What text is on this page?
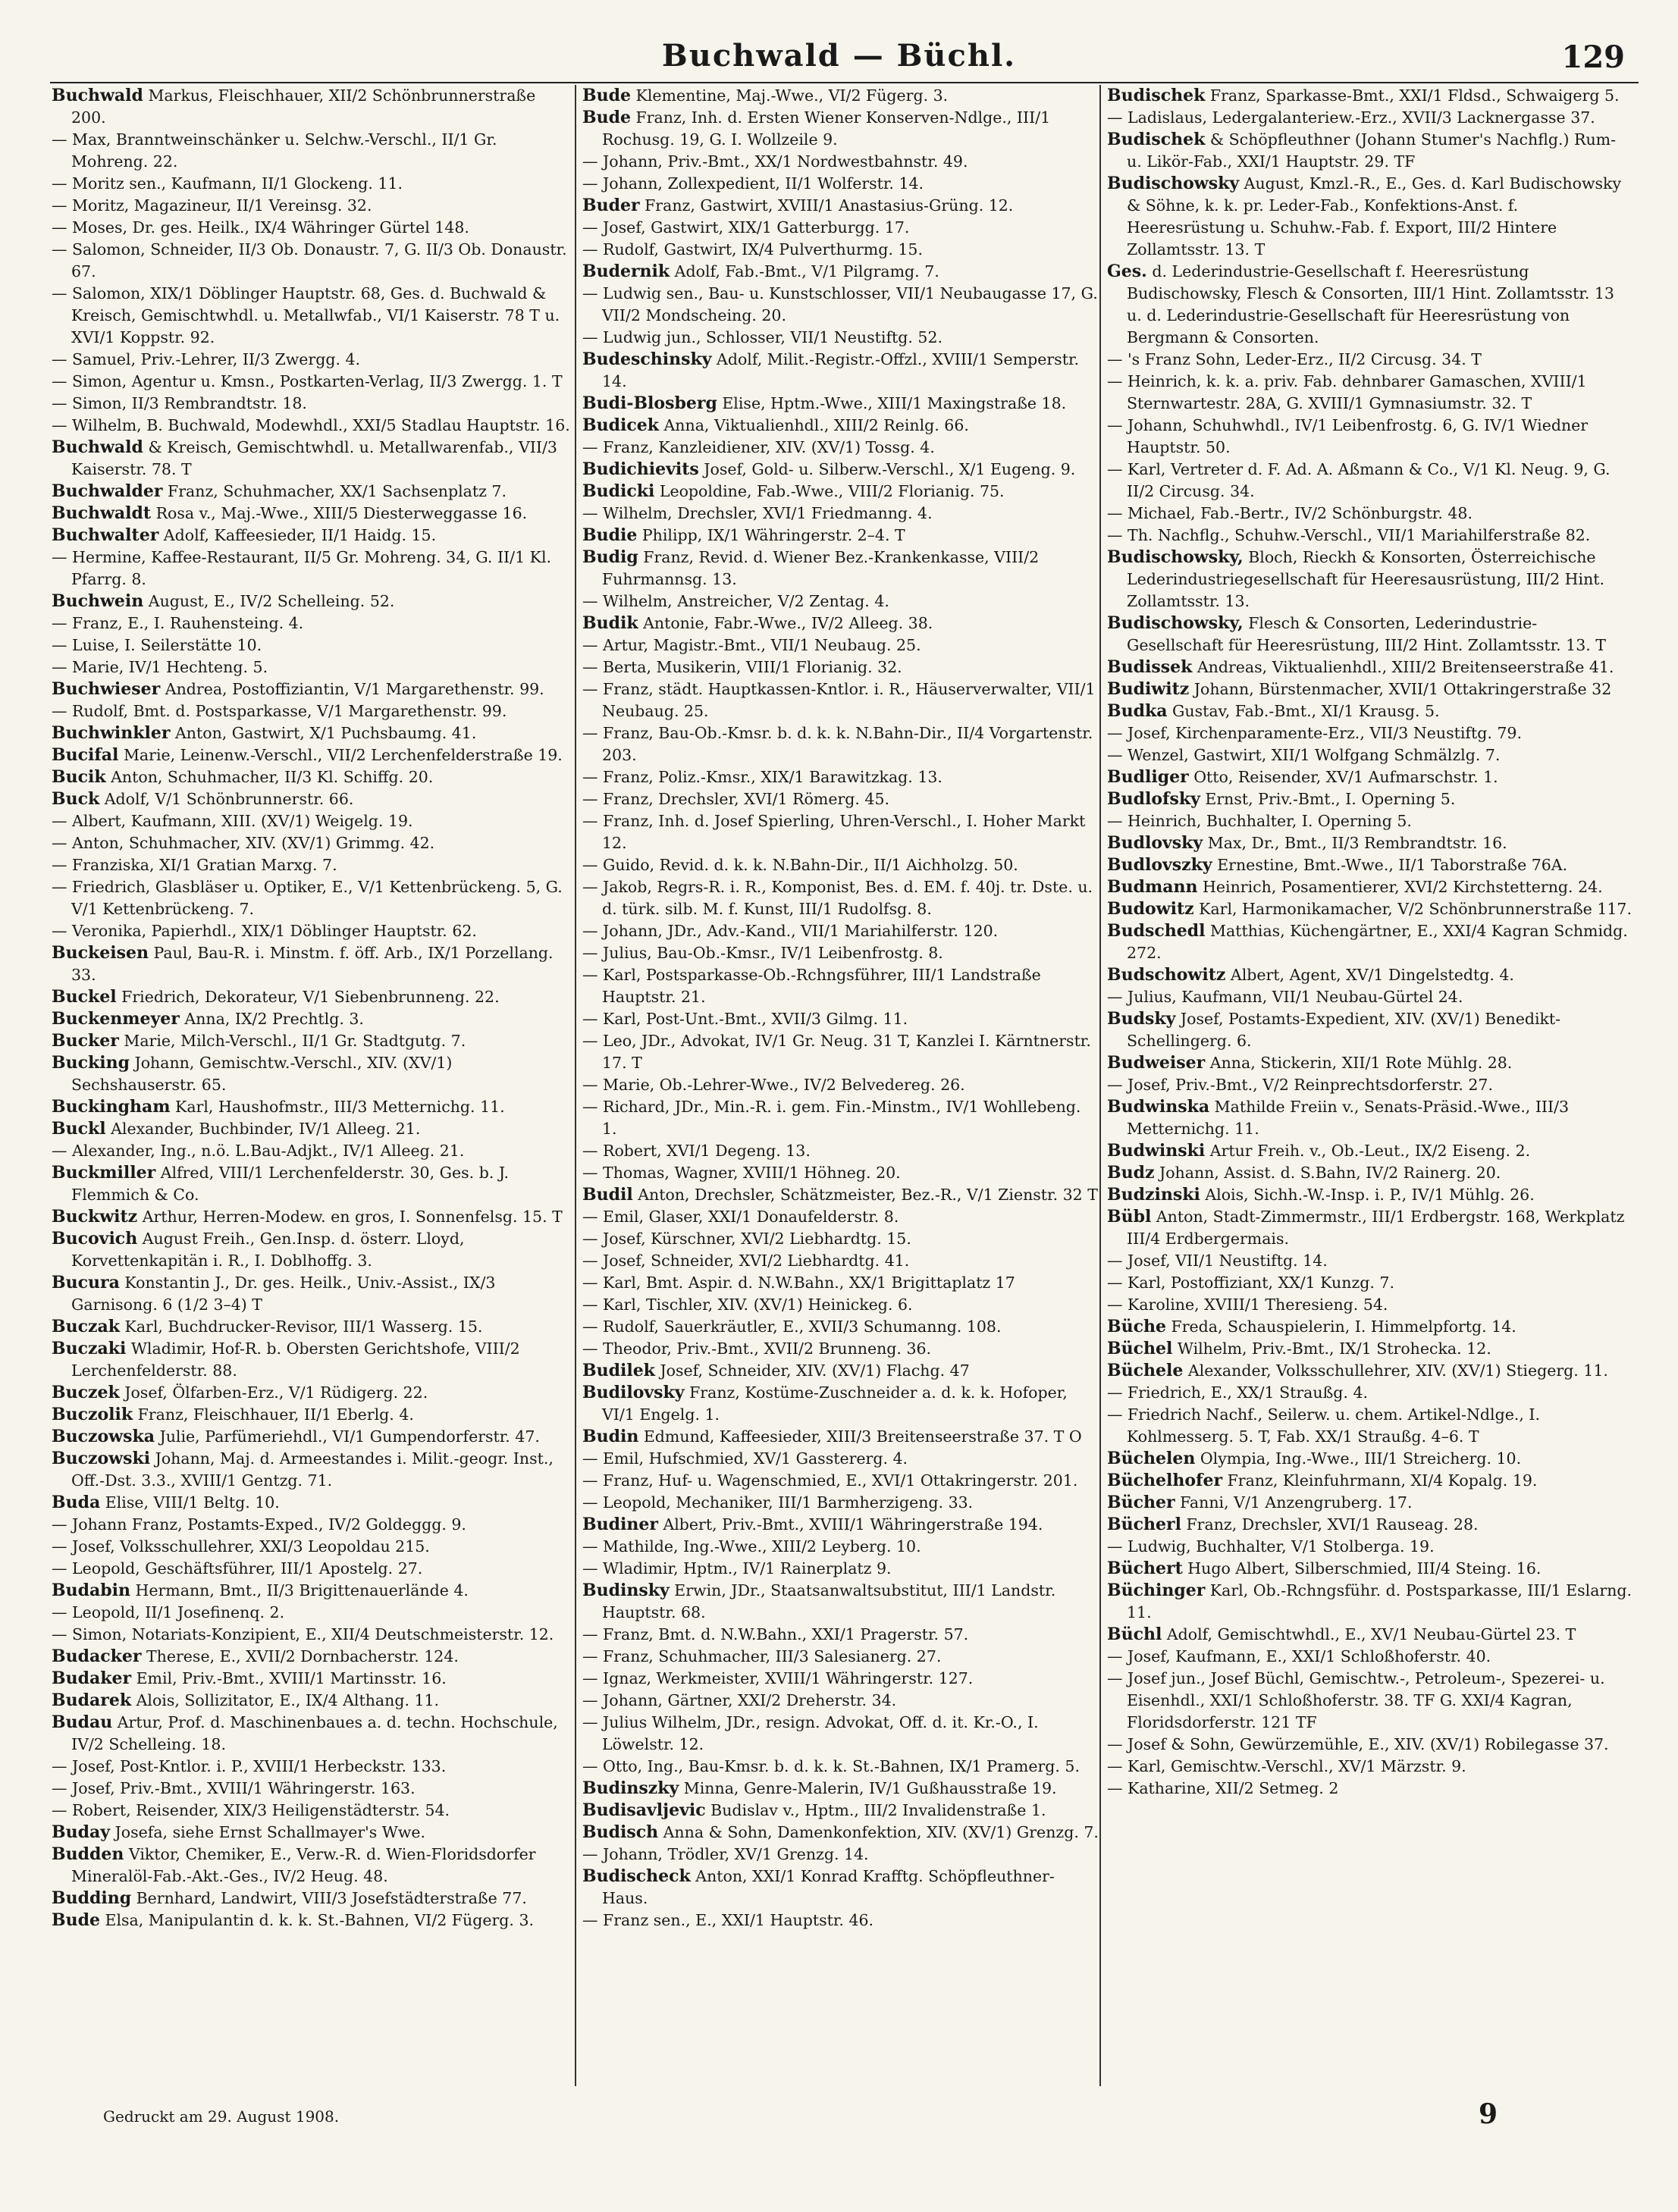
Buchwald — Büchl.	129

Buchwald Markus, Fleischhauer, XII/2 Schönbrunnerstraße 200.

— Max, Branntweinschänker u. Selchw.-Verschl., II/1 Gr. Mohreng. 22.

— Moritz sen., Kaufmann, II/1 Glockeng. 11.

— Moritz, Magazineur, II/1 Vereinsg. 32.

— Moses, Dr. ges. Heilk., IX/4 Währinger Gürtel 148.

— Salomon, Schneider, II/3 Ob. Donaustr. 7, G. II/3 Ob. Donaustr. 67.

— Salomon, XIX/1 Döblinger Hauptstr. 68, Ges. d. Buchwald & Kreisch, Gemischtwhdl. u. Metallwfab., VI/1 Kaiserstr. 78 T u. XVI/1 Koppstr. 92.

— Samuel, Priv.-Lehrer, II/3 Zwergg. 4.

— Simon, Agentur u. Kmsn., Postkarten-Verlag, II/3 Zwergg. 1. T

— Simon, II/3 Rembrandtstr. 18.

— Wilhelm, B. Buchwald, Modewhdl., XXI/5 Stadlau Hauptstr. 16.

Buchwald & Kreisch, Gemischtwhdl. u. Metallwarenfab., VII/3 Kaiserstr. 78. T

Buchwalder Franz, Schuhmacher, XX/1 Sachsenplatz 7.

Buchwaldt Rosa v., Maj.-Wwe., XIII/5 Diesterweggasse 16.

Buchwalter Adolf, Kaffeesieder, II/1 Haidg. 15.

— Hermine, Kaffee-Restaurant, II/5 Gr. Mohreng. 34, G. II/1 Kl. Pfarrg. 8.

Buchwein August, E., IV/2 Schelleing. 52.

— Franz, E., I. Rauhensteing. 4.

— Luise, I. Seilerstätte 10.

— Marie, IV/1 Hechteng. 5.

Buchwieser Andrea, Postoffiziantin, V/1 Margarethenstr. 99.

— Rudolf, Bmt. d. Postsparkasse, V/1 Margarethenstr. 99.

Buchwinkler Anton, Gastwirt, X/1 Puchsbaumg. 41.

Bucifal Marie, Leinenw.-Verschl., VII/2 Lerchenfelderstraße 19.

Bucik Anton, Schuhmacher, II/3 Kl. Schiffg. 20.

Buck Adolf, V/1 Schönbrunnerstr. 66.

— Albert, Kaufmann, XIII. (XV/1) Weigelg. 19.

— Anton, Schuhmacher, XIV. (XV/1) Grimmg. 42.

— Franziska, XI/1 Gratian Marxg. 7.

— Friedrich, Glasbläser u. Optiker, E., V/1 Kettenbrückeng. 5, G. V/1 Kettenbrückeng. 7.

— Veronika, Papierhdl., XIX/1 Döblinger Hauptstr. 62.

Buckeisen Paul, Bau-R. i. Minstm. f. öff. Arb., IX/1 Porzellang. 33.

Buckel Friedrich, Dekorateur, V/1 Siebenbrunneng. 22.

Buckenmeyer Anna, IX/2 Prechtlg. 3.

Bucker Marie, Milch-Verschl., II/1 Gr. Stadtgutg. 7.

Bucking Johann, Gemischtw.-Verschl., XIV. (XV/1) Sechshauserstr. 65.

Buckingham Karl, Haushofmstr., III/3 Metternichg. 11.

Buckl Alexander, Buchbinder, IV/1 Alleeg. 21.

— Alexander, Ing., n.ö. L.Bau-Adjkt., IV/1 Alleeg. 21.

Buckmiller Alfred, VIII/1 Lerchenfelderstr. 30, Ges. b. J. Flemmich & Co.

Buckwitz Arthur, Herren-Modew. en gros, I. Sonnenfelsg. 15. T

Bucovich August Freih., Gen.Insp. d. österr. Lloyd, Korvettenkapitän i. R., I. Doblhoffg. 3.

Bucura Konstantin J., Dr. ges. Heilk., Univ.-Assist., IX/3 Garnisong. 6 (1/2 3–4) T

Buczak Karl, Buchdrucker-Revisor, III/1 Wasserg. 15.

Buczaki Wladimir, Hof-R. b. Obersten Gerichtshofe, VIII/2 Lerchenfelderstr. 88.

Buczek Josef, Ölfarben-Erz., V/1 Rüdigerg. 22.

Buczolik Franz, Fleischhauer, II/1 Eberlg. 4.

Buczowska Julie, Parfümeriehdl., VI/1 Gumpendorferstr. 47.

Buczowski Johann, Maj. d. Armeestandes i. Milit.-geogr. Inst., Off.-Dst. 3.3., XVIII/1 Gentzg. 71.

Buda Elise, VIII/1 Beltg. 10.

— Johann Franz, Postamts-Exped., IV/2 Goldeggg. 9.

— Josef, Volksschullehrer, XXI/3 Leopoldau 215.

— Leopold, Geschäftsführer, III/1 Apostelg. 27.

Budabin Hermann, Bmt., II/3 Brigittenauerlände 4.

— Leopold, II/1 Josefinenq. 2.

— Simon, Notariats-Konzipient, E., XII/4 Deutschmeisterstr. 12.

Budacker Therese, E., XVII/2 Dornbacherstr. 124.

Budaker Emil, Priv.-Bmt., XVIII/1 Martinsstr. 16.

Budarek Alois, Sollizitator, E., IX/4 Althang. 11.

Budau Artur, Prof. d. Maschinenbaues a. d. techn. Hochschule, IV/2 Schelleing. 18.

— Josef, Post-Kntlor. i. P., XVIII/1 Herbeckstr. 133.

— Josef, Priv.-Bmt., XVIII/1 Währingerstr. 163.

— Robert, Reisender, XIX/3 Heiligenstädterstr. 54.

Buday Josefa, siehe Ernst Schallmayer's Wwe.

Budden Viktor, Chemiker, E., Verw.-R. d. Wien-Floridsdorfer Mineralöl-Fab.-Akt.-Ges., IV/2 Heug. 48.

Budding Bernhard, Landwirt, VIII/3 Josefstädterstraße 77.

Bude Elsa, Manipulantin d. k. k. St.-Bahnen, VI/2 Fügerg. 3.

Bude Klementine, Maj.-Wwe., VI/2 Fügerg. 3.

Bude Franz, Inh. d. Ersten Wiener Konserven-Ndlge., III/1 Rochusg. 19, G. I. Wollzeile 9.

— Johann, Priv.-Bmt., XX/1 Nordwestbahnstr. 49.

— Johann, Zollexpedient, II/1 Wolferstr. 14.

Buder Franz, Gastwirt, XVIII/1 Anastasius-Grüng. 12.

— Josef, Gastwirt, XIX/1 Gatterburgg. 17.

— Rudolf, Gastwirt, IX/4 Pulverthurmg. 15.

Budernik Adolf, Fab.-Bmt., V/1 Pilgramg. 7.

— Ludwig sen., Bau- u. Kunstschlosser, VII/1 Neubaugasse 17, G. VII/2 Mondscheing. 20.

— Ludwig jun., Schlosser, VII/1 Neustiftg. 52.

Budeschinsky Adolf, Milit.-Registr.-Offzl., XVIII/1 Semperstr. 14.

Budi-Blosberg Elise, Hptm.-Wwe., XIII/1 Maxingstraße 18.

Budicek Anna, Viktualienhdl., XIII/2 Reinlg. 66.

— Franz, Kanzleidiener, XIV. (XV/1) Tossg. 4.

Budichievits Josef, Gold- u. Silberw.-Verschl., X/1 Eugeng. 9.

Budicki Leopoldine, Fab.-Wwe., VIII/2 Florianig. 75.

— Wilhelm, Drechsler, XVI/1 Friedmanng. 4.

Budie Philipp, IX/1 Währingerstr. 2–4. T

Budig Franz, Revid. d. Wiener Bez.-Krankenkasse, VIII/2 Fuhrmannsg. 13.

— Wilhelm, Anstreicher, V/2 Zentag. 4.

Budik Antonie, Fabr.-Wwe., IV/2 Alleeg. 38.

— Artur, Magistr.-Bmt., VII/1 Neubaug. 25.

— Berta, Musikerin, VIII/1 Florianig. 32.

— Franz, städt. Hauptkassen-Kntlor. i. R., Häuserverwalter, VII/1 Neubaug. 25.

— Franz, Bau-Ob.-Kmsr. b. d. k. k. N.Bahn-Dir., II/4 Vorgartenstr. 203.

— Franz, Poliz.-Kmsr., XIX/1 Barawitzkag. 13.

— Franz, Drechsler, XVI/1 Römerg. 45.

— Franz, Inh. d. Josef Spierling, Uhren-Verschl., I. Hoher Markt 12.

— Guido, Revid. d. k. k. N.Bahn-Dir., II/1 Aichholzg. 50.

— Jakob, Regrs-R. i. R., Komponist, Bes. d. EM. f. 40j. tr. Dste. u. d. türk. silb. M. f. Kunst, III/1 Rudolfsg. 8.

— Johann, JDr., Adv.-Kand., VII/1 Mariahilferstr. 120.

— Julius, Bau-Ob.-Kmsr., IV/1 Leibenfrostg. 8.

— Karl, Postsparkasse-Ob.-Rchngsführer, III/1 Landstraße Hauptstr. 21.

— Karl, Post-Unt.-Bmt., XVII/3 Gilmg. 11.

— Leo, JDr., Advokat, IV/1 Gr. Neug. 31 T, Kanzlei I. Kärntnerstr. 17. T

— Marie, Ob.-Lehrer-Wwe., IV/2 Belvedereg. 26.

— Richard, JDr., Min.-R. i. gem. Fin.-Minstm., IV/1 Wohllebeng. 1.

— Robert, XVI/1 Degeng. 13.

— Thomas, Wagner, XVIII/1 Höhneg. 20.

Budil Anton, Drechsler, Schätzmeister, Bez.-R., V/1 Zienstr. 32 T

— Emil, Glaser, XXI/1 Donaufelderstr. 8.

— Josef, Kürschner, XVI/2 Liebhardtg. 15.

— Josef, Schneider, XVI/2 Liebhardtg. 41.

— Karl, Bmt. Aspir. d. N.W.Bahn., XX/1 Brigittaplatz 17

— Karl, Tischler, XIV. (XV/1) Heinickeg. 6.

— Rudolf, Sauerkräutler, E., XVII/3 Schumanng. 108.

— Theodor, Priv.-Bmt., XVII/2 Brunneng. 36.

Budilek Josef, Schneider, XIV. (XV/1) Flachg. 47

Budilovsky Franz, Kostüme-Zuschneider a. d. k. k. Hofoper, VI/1 Engelg. 1.

Budin Edmund, Kaffeesieder, XIII/3 Breitenseerstraße 37. T O

— Emil, Hufschmied, XV/1 Gasstererg. 4.

— Franz, Huf- u. Wagenschmied, E., XVI/1 Ottakringerstr. 201.

— Leopold, Mechaniker, III/1 Barmherzigeng. 33.

Budiner Albert, Priv.-Bmt., XVIII/1 Währingerstraße 194.

— Mathilde, Ing.-Wwe., XIII/2 Leyberg. 10.

— Wladimir, Hptm., IV/1 Rainerplatz 9.

Budinsky Erwin, JDr., Staatsanwaltsubstitut, III/1 Landstr. Hauptstr. 68.

— Franz, Bmt. d. N.W.Bahn., XXI/1 Pragerstr. 57.

— Franz, Schuhmacher, III/3 Salesianerg. 27.

— Ignaz, Werkmeister, XVIII/1 Währingerstr. 127.

— Johann, Gärtner, XXI/2 Dreherstr. 34.

— Julius Wilhelm, JDr., resign. Advokat, Off. d. it. Kr.-O., I. Löwelstr. 12.

— Otto, Ing., Bau-Kmsr. b. d. k. k. St.-Bahnen, IX/1 Pramerg. 5.

Budinszky Minna, Genre-Malerin, IV/1 Gußhausstraße 19.

Budisavljevic Budislav v., Hptm., III/2 Invalidenstraße 1.

Budisch Anna & Sohn, Damenkonfektion, XIV. (XV/1) Grenzg. 7.

— Johann, Trödler, XV/1 Grenzg. 14.

Budischeck Anton, XXI/1 Konrad Krafftg. Schöpfleuthner-Haus.

— Franz sen., E., XXI/1 Hauptstr. 46.

Budischek Franz, Sparkasse-Bmt., XXI/1 Fldsd., Schwaigerg 5.

— Ladislaus, Ledergalanteriew.-Erz., XVII/3 Lacknergasse 37.

Budischek & Schöpfleuthner (Johann Stumer's Nachflg.) Rum- u. Likör-Fab., XXI/1 Hauptstr. 29. TF

Budischowsky August, Kmzl.-R., E., Ges. d. Karl Budischowsky & Söhne, k. k. pr. Leder-Fab., Konfektions-Anst. f. Heeresrüstung u. Schuhw.-Fab. f. Export, III/2 Hintere Zollamtsstr. 13. T

Ges. d. Lederindustrie-Gesellschaft f. Heeresrüstung Budischowsky, Flesch & Consorten, III/1 Hint. Zollamtsstr. 13 u. d. Lederindustrie-Gesellschaft für Heeresrüstung von Bergmann & Consorten.

— 's Franz Sohn, Leder-Erz., II/2 Circusg. 34. T

— Heinrich, k. k. a. priv. Fab. dehnbarer Gamaschen, XVIII/1 Sternwartestr. 28A, G. XVIII/1 Gymnasiumstr. 32. T

— Johann, Schuhwhdl., IV/1 Leibenfrostg. 6, G. IV/1 Wiedner Hauptstr. 50.

— Karl, Vertreter d. F. Ad. A. Aßmann & Co., V/1 Kl. Neug. 9, G. II/2 Circusg. 34.

— Michael, Fab.-Bertr., IV/2 Schönburgstr. 48.

— Th. Nachflg., Schuhw.-Verschl., VII/1 Mariahilferstraße 82.

Budischowsky, Bloch, Rieckh & Konsorten, Österreichische Lederindustriegesellschaft für Heeresausrüstung, III/2 Hint. Zollamtsstr. 13.

Budischowsky, Flesch & Consorten, Lederindustrie-Gesellschaft für Heeresrüstung, III/2 Hint. Zollamtsstr. 13. T

Budissek Andreas, Viktualienhdl., XIII/2 Breitenseerstraße 41.

Budiwitz Johann, Bürstenmacher, XVII/1 Ottakringerstraße 32

Budka Gustav, Fab.-Bmt., XI/1 Krausg. 5.

— Josef, Kirchenparamente-Erz., VII/3 Neustiftg. 79.

— Wenzel, Gastwirt, XII/1 Wolfgang Schmälzlg. 7.

Budliger Otto, Reisender, XV/1 Aufmarschstr. 1.

Budlofsky Ernst, Priv.-Bmt., I. Operning 5.

— Heinrich, Buchhalter, I. Operning 5.

Budlovsky Max, Dr., Bmt., II/3 Rembrandtstr. 16.

Budlovszky Ernestine, Bmt.-Wwe., II/1 Taborstraße 76A.

Budmann Heinrich, Posamentierer, XVI/2 Kirchstetterng. 24.

Budowitz Karl, Harmonikamacher, V/2 Schönbrunnerstraße 117.

Budschedl Matthias, Küchengärtner, E., XXI/4 Kagran Schmidg. 272.

Budschowitz Albert, Agent, XV/1 Dingelstedtg. 4.

— Julius, Kaufmann, VII/1 Neubau-Gürtel 24.

Budsky Josef, Postamts-Expedient, XIV. (XV/1) Benedikt-Schellingerg. 6.

Budweiser Anna, Stickerin, XII/1 Rote Mühlg. 28.

— Josef, Priv.-Bmt., V/2 Reinprechtsdorferstr. 27.

Budwinska Mathilde Freiin v., Senats-Präsid.-Wwe., III/3 Metternichg. 11.

Budwinski Artur Freih. v., Ob.-Leut., IX/2 Eiseng. 2.

Budz Johann, Assist. d. S.Bahn, IV/2 Rainerg. 20.

Budzinski Alois, Sichh.-W.-Insp. i. P., IV/1 Mühlg. 26.

Bübl Anton, Stadt-Zimmermstr., III/1 Erdbergstr. 168, Werkplatz III/4 Erdbergermais.

— Josef, VII/1 Neustiftg. 14.

— Karl, Postoffiziant, XX/1 Kunzg. 7.

— Karoline, XVIII/1 Theresieng. 54.

Büche Freda, Schauspielerin, I. Himmelpfortg. 14.

Büchel Wilhelm, Priv.-Bmt., IX/1 Strohecka. 12.

Büchele Alexander, Volksschullehrer, XIV. (XV/1) Stiegerg. 11.

— Friedrich, E., XX/1 Straußg. 4.

— Friedrich Nachf., Seilerw. u. chem. Artikel-Ndlge., I. Kohlmesserg. 5. T, Fab. XX/1 Straußg. 4–6. T

Büchelen Olympia, Ing.-Wwe., III/1 Streicherg. 10.

Büchelhofer Franz, Kleinfuhrmann, XI/4 Kopalg. 19.

Bücher Fanni, V/1 Anzengruberg. 17.

Bücherl Franz, Drechsler, XVI/1 Rauseag. 28.

— Ludwig, Buchhalter, V/1 Stolberga. 19.

Büchert Hugo Albert, Silberschmied, III/4 Steing. 16.

Büchinger Karl, Ob.-Rchngsführ. d. Postsparkasse, III/1 Eslarng. 11.

Büchl Adolf, Gemischtwhdl., E., XV/1 Neubau-Gürtel 23. T

— Josef, Kaufmann, E., XXI/1 Schloßhoferstr. 40.

— Josef jun., Josef Büchl, Gemischtw.-, Petroleum-, Spezerei- u. Eisenhdl., XXI/1 Schloßhoferstr. 38. TF G. XXI/4 Kagran, Floridsdorferstr. 121 TF

— Josef & Sohn, Gewürzemühle, E., XIV. (XV/1) Robilegasse 37.

— Karl, Gemischtw.-Verschl., XV/1 Märzstr. 9.

— Katharine, XII/2 Setmeg. 2

Gedruckt am 29. August 1908.	9
